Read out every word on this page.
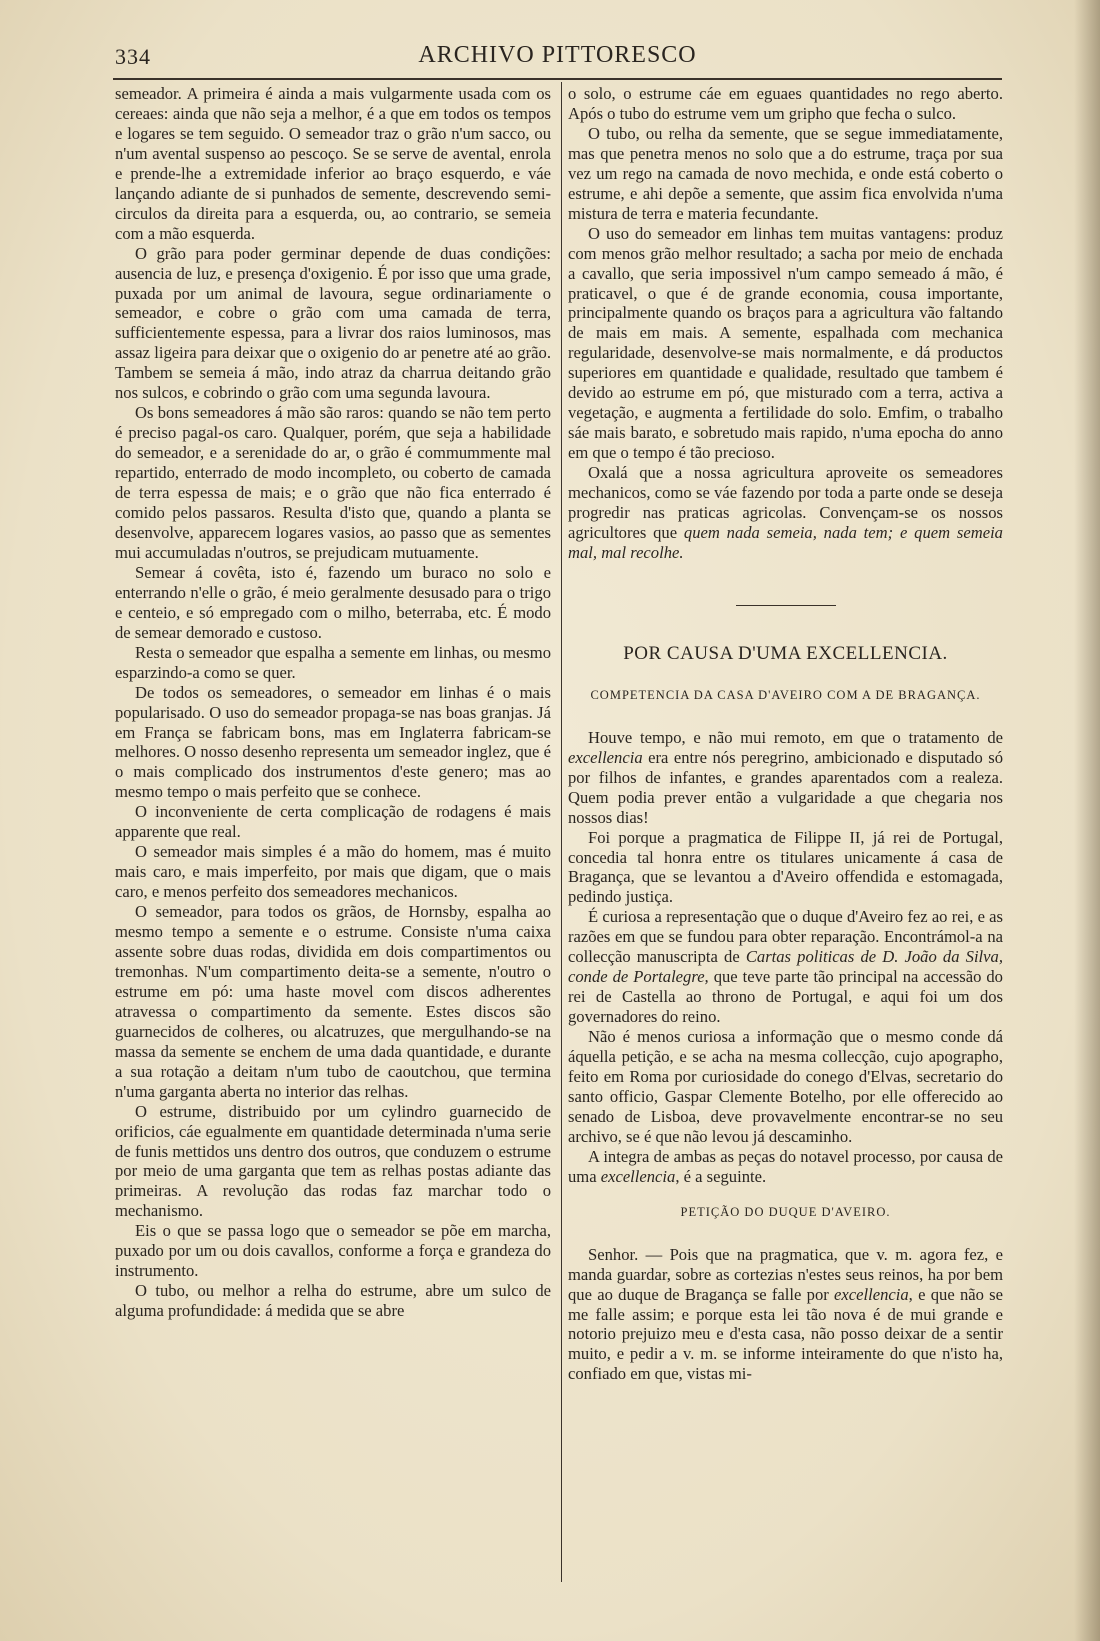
334	ARCHIVO PITTORESCO

semeador. A primeira é ainda a mais vulgarmente usada com os cereaes: ainda que não seja a melhor, é a que em todos os tempos e logares se tem seguido. O semeador traz o grão n'um sacco, ou n'um avental suspenso ao pescoço. Se se serve de avental, enrola e prende-lhe a extremidade inferior ao braço esquerdo, e váe lançando adiante de si punhados de semente, descrevendo semi-circulos da direita para a esquerda, ou, ao contrario, se semeia com a mão esquerda.

O grão para poder germinar depende de duas condições: ausencia de luz, e presença d'oxigenio. É por isso que uma grade, puxada por um animal de lavoura, segue ordinariamente o semeador, e cobre o grão com uma camada de terra, sufficientemente espessa, para a livrar dos raios luminosos, mas assaz ligeira para deixar que o oxigenio do ar penetre até ao grão. Tambem se semeia á mão, indo atraz da charrua deitando grão nos sulcos, e cobrindo o grão com uma segunda lavoura.

Os bons semeadores á mão são raros: quando se não tem perto é preciso pagal-os caro. Qualquer, porém, que seja a habilidade do semeador, e a serenidade do ar, o grão é commummente mal repartido, enterrado de modo incompleto, ou coberto de camada de terra espessa de mais; e o grão que não fica enterrado é comido pelos passaros. Resulta d'isto que, quando a planta se desenvolve, apparecem logares vasios, ao passo que as sementes mui accumuladas n'outros, se prejudicam mutuamente.

Semear á covêta, isto é, fazendo um buraco no solo e enterrando n'elle o grão, é meio geralmente desusado para o trigo e centeio, e só empregado com o milho, beterraba, etc. É modo de semear demorado e custoso.

Resta o semeador que espalha a semente em linhas, ou mesmo esparzindo-a como se quer.

De todos os semeadores, o semeador em linhas é o mais popularisado. O uso do semeador propaga-se nas boas granjas. Já em França se fabricam bons, mas em Inglaterra fabricam-se melhores. O nosso desenho representa um semeador inglez, que é o mais complicado dos instrumentos d'este genero; mas ao mesmo tempo o mais perfeito que se conhece.

O inconveniente de certa complicação de rodagens é mais apparente que real.

O semeador mais simples é a mão do homem, mas é muito mais caro, e mais imperfeito, por mais que digam, que o mais caro, e menos perfeito dos semeadores mechanicos.

O semeador, para todos os grãos, de Hornsby, espalha ao mesmo tempo a semente e o estrume. Consiste n'uma caixa assente sobre duas rodas, dividida em dois compartimentos ou tremonhas. N'um compartimento deita-se a semente, n'outro o estrume em pó: uma haste movel com discos adherentes atravessa o compartimento da semente. Estes discos são guarnecidos de colheres, ou alcatruzes, que mergulhando-se na massa da semente se enchem de uma dada quantidade, e durante a sua rotação a deitam n'um tubo de caoutchou, que termina n'uma garganta aberta no interior das relhas.

O estrume, distribuido por um cylindro guarnecido de orificios, cáe egualmente em quantidade determinada n'uma serie de funis mettidos uns dentro dos outros, que conduzem o estrume por meio de uma garganta que tem as relhas postas adiante das primeiras. A revolução das rodas faz marchar todo o mechanismo.

Eis o que se passa logo que o semeador se põe em marcha, puxado por um ou dois cavallos, conforme a força e grandeza do instrumento.

O tubo, ou melhor a relha do estrume, abre um sulco de alguma profundidade: á medida que se abre

o solo, o estrume cáe em eguaes quantidades no rego aberto. Após o tubo do estrume vem um gripho que fecha o sulco.

O tubo, ou relha da semente, que se segue immediatamente, mas que penetra menos no solo que a do estrume, traça por sua vez um rego na camada de novo mechida, e onde está coberto o estrume, e ahi depõe a semente, que assim fica envolvida n'uma mistura de terra e materia fecundante.

O uso do semeador em linhas tem muitas vantagens: produz com menos grão melhor resultado; a sacha por meio de enchada a cavallo, que seria impossivel n'um campo semeado á mão, é praticavel, o que é de grande economia, cousa importante, principalmente quando os braços para a agricultura vão faltando de mais em mais. A semente, espalhada com mechanica regularidade, desenvolve-se mais normalmente, e dá productos superiores em quantidade e qualidade, resultado que tambem é devido ao estrume em pó, que misturado com a terra, activa a vegetação, e augmenta a fertilidade do solo. Emfim, o trabalho sáe mais barato, e sobretudo mais rapido, n'uma epocha do anno em que o tempo é tão precioso.

Oxalá que a nossa agricultura aproveite os semeadores mechanicos, como se váe fazendo por toda a parte onde se deseja progredir nas praticas agricolas. Convençam-se os nossos agricultores que quem nada semeia, nada tem; e quem semeia mal, mal recolhe.

POR CAUSA D'UMA EXCELLENCIA.
COMPETENCIA DA CASA D'AVEIRO COM A DE BRAGANÇA.

Houve tempo, e não mui remoto, em que o tratamento de excellencia era entre nós peregrino, ambicionado e disputado só por filhos de infantes, e grandes aparentados com a realeza. Quem podia prever então a vulgaridade a que chegaria nos nossos dias!

Foi porque a pragmatica de Filippe II, já rei de Portugal, concedia tal honra entre os titulares unicamente á casa de Bragança, que se levantou a d'Aveiro offendida e estomagada, pedindo justiça.

É curiosa a representação que o duque d'Aveiro fez ao rei, e as razões em que se fundou para obter reparação. Encontrámol-a na collecção manuscripta de Cartas politicas de D. João da Silva, conde de Portalegre, que teve parte tão principal na accessão do rei de Castella ao throno de Portugal, e aqui foi um dos governadores do reino.

Não é menos curiosa a informação que o mesmo conde dá áquella petição, e se acha na mesma collecção, cujo apographo, feito em Roma por curiosidade do conego d'Elvas, secretario do santo officio, Gaspar Clemente Botelho, por elle offerecido ao senado de Lisboa, deve provavelmente encontrar-se no seu archivo, se é que não levou já descaminho.

A integra de ambas as peças do notavel processo, por causa de uma excellencia, é a seguinte.

PETIÇÃO DO DUQUE D'AVEIRO.

Senhor. — Pois que na pragmatica, que v. m. agora fez, e manda guardar, sobre as cortezias n'estes seus reinos, ha por bem que ao duque de Bragança se falle por excellencia, e que não se me falle assim; e porque esta lei tão nova é de mui grande e notorio prejuizo meu e d'esta casa, não posso deixar de a sentir muito, e pedir a v. m. se informe inteiramente do que n'isto ha, confiado em que, vistas mi-
